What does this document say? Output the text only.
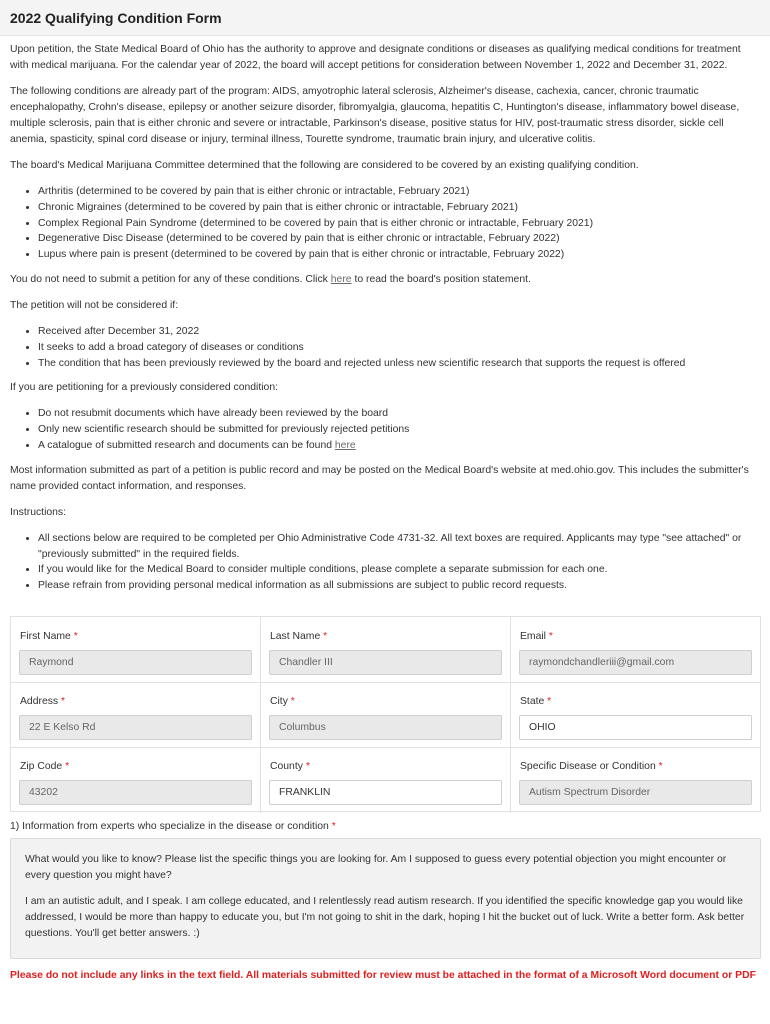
2022 Qualifying Condition Form

Upon petition, the State Medical Board of Ohio has the authority to approve and designate conditions or diseases as qualifying medical conditions for treatment with medical marijuana. For the calendar year of 2022, the board will accept petitions for consideration between November 1, 2022 and December 31, 2022.

The following conditions are already part of the program: AIDS, amyotrophic lateral sclerosis, Alzheimer's disease, cachexia, cancer, chronic traumatic encephalopathy, Crohn's disease, epilepsy or another seizure disorder, fibromyalgia, glaucoma, hepatitis C, Huntington's disease, inflammatory bowel disease, multiple sclerosis, pain that is either chronic and severe or intractable, Parkinson's disease, positive status for HIV, post-traumatic stress disorder, sickle cell anemia, spasticity, spinal cord disease or injury, terminal illness, Tourette syndrome, traumatic brain injury, and ulcerative colitis.

The board's Medical Marijuana Committee determined that the following are considered to be covered by an existing qualifying condition.

• Arthritis (determined to be covered by pain that is either chronic or intractable, February 2021)
• Chronic Migraines (determined to be covered by pain that is either chronic or intractable, February 2021)
• Complex Regional Pain Syndrome (determined to be covered by pain that is either chronic or intractable, February 2021)
• Degenerative Disc Disease (determined to be covered by pain that is either chronic or intractable, February 2022)
• Lupus where pain is present (determined to be covered by pain that is either chronic or intractable, February 2022)

You do not need to submit a petition for any of these conditions. Click here to read the board's position statement.

The petition will not be considered if:

• Received after December 31, 2022
• It seeks to add a broad category of diseases or conditions
• The condition that has been previously reviewed by the board and rejected unless new scientific research that supports the request is offered

If you are petitioning for a previously considered condition:

• Do not resubmit documents which have already been reviewed by the board
• Only new scientific research should be submitted for previously rejected petitions
• A catalogue of submitted research and documents can be found here

Most information submitted as part of a petition is public record and may be posted on the Medical Board's website at med.ohio.gov. This includes the submitter's name provided contact information, and responses.

Instructions:

• All sections below are required to be completed per Ohio Administrative Code 4731-32. All text boxes are required. Applicants may type "see attached" or "previously submitted" in the required fields.
• If you would like for the Medical Board to consider multiple conditions, please complete a separate submission for each one.
• Please refrain from providing personal medical information as all submissions are subject to public record requests.
First Name *
Raymond
Last Name *
Chandler III
Email *
raymondchandleriii@gmail.com
Address *
22 E Kelso Rd
City *
Columbus
State *
OHIO
Zip Code *
43202
County *
FRANKLIN
Specific Disease or Condition *
Autism Spectrum Disorder
1) Information from experts who specialize in the disease or condition *

What would you like to know? Please list the specific things you are looking for. Am I supposed to guess every potential objection you might encounter or every question you might have?

I am an autistic adult, and I speak. I am college educated, and I relentlessly read autism research. If you identified the specific knowledge gap you would like addressed, I would be more than happy to educate you, but I'm not going to shit in the dark, hoping I hit the bucket out of luck. Write a better form. Ask better questions. You'll get better answers. :)

Please do not include any links in the text field. All materials submitted for review must be attached in the format of a Microsoft Word document or PDF
